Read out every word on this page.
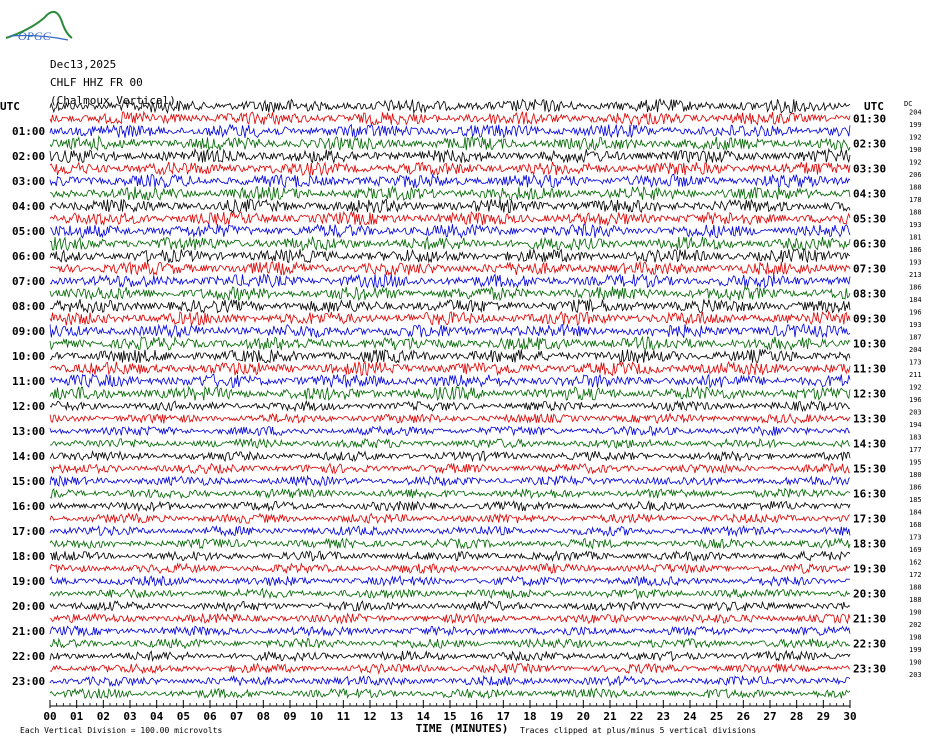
OPGC
UTC	UTC	DC
01:00
02:00
03:00
04:00
05:00
06:00
07:00
08:00
09:00
10:00
11:00
12:00
13:00
14:00
15:00
16:00
17:00
18:00
19:00
20:00
21:00
22:00
23:00
01:30
02:30
03:30
04:30
05:30
06:30
07:30
08:30
09:30
10:30
11:30
12:30
13:30
14:30
15:30
16:30
17:30
18:30
19:30
20:30
21:30
22:30
23:30
204
199
192
190
192
206
188
178
188
193
181
186
193
213
186
184
196
193
187
204
173
211
192
196
203
194
183
177
195
180
186
185
184
168
173
169
162
172
188
188
190
202
198
199
190
203
00 01 02 03 04 05 06 07 08 09 10 11 12 13 14 15 16 17 18 19 20 21 22 23 24 25 26 27 28 29 30
TIME (MINUTES)
Each Vertical Division = 100.00 microvolts	Traces clipped at plus/minus 5 vertical divisions
Dec13,2025
CHLF HHZ FR 00
(Chalmoux Vertical)
